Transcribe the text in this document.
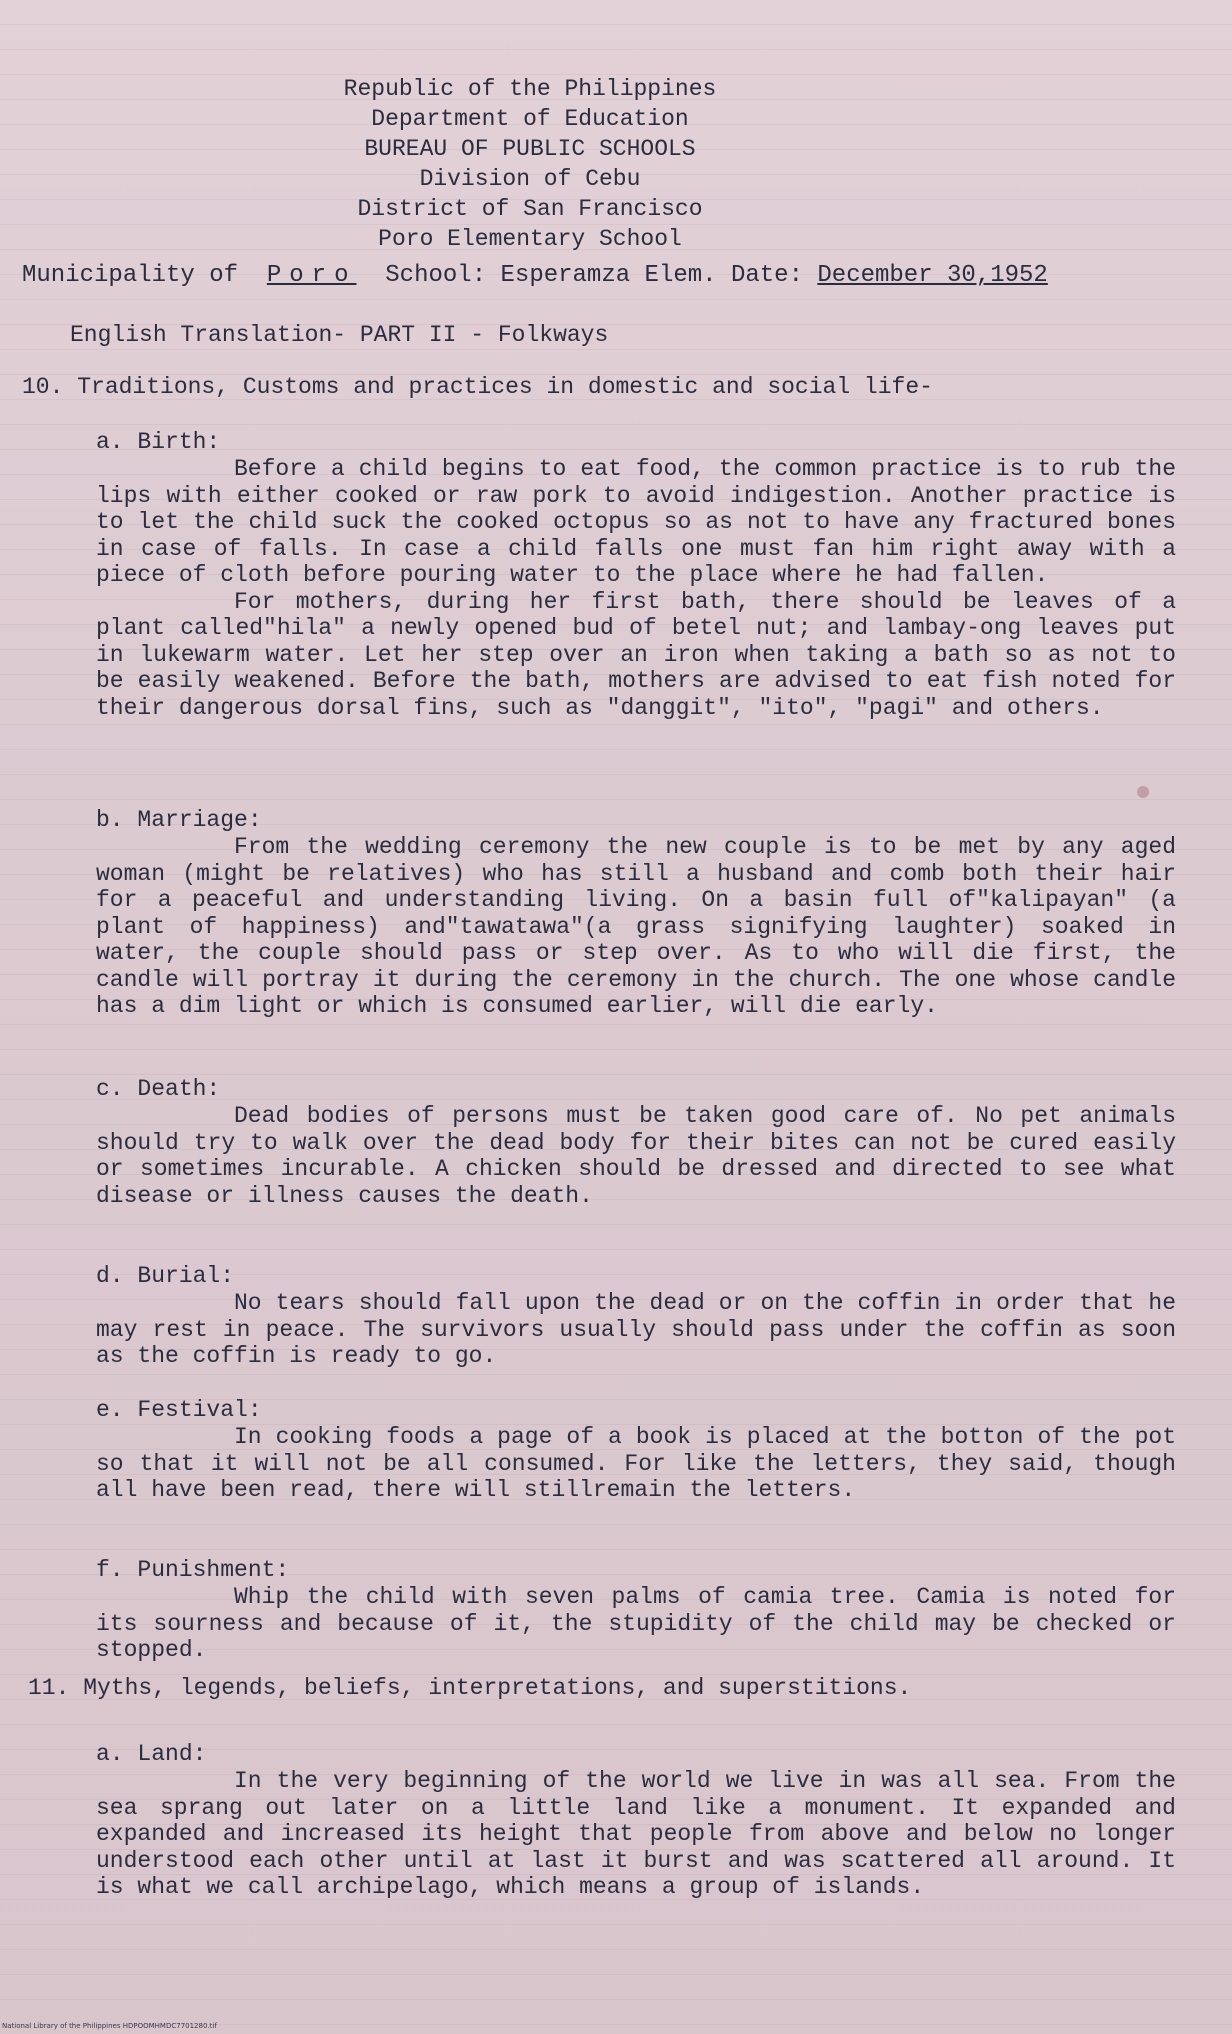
Republic of the Philippines
Department of Education
BUREAU OF PUBLIC SCHOOLS
Division of Cebu
District of San Francisco
Poro Elementary School
Municipality of Poro School: Esperamza Elem. Date: December 30,1952
English Translation- PART II - Folkways
10. Traditions, Customs and practices in domestic and social life-
a. Birth:
Before a child begins to eat food, the common practice is to rub the lips with either cooked or raw pork to avoid indigestion. Another practice is to let the child suck the cooked octopus so as not to have any fractured bones in case of falls. In case a child falls one must fan him right away with a piece of cloth before pouring water to the place where he had fallen.
For mothers, during her first bath, there should be leaves of a plant called"hila" a newly opened bud of betel nut; and lambay-ong leaves put in lukewarm water. Let her step over an iron when taking a bath so as not to be easily weakened. Before the bath, mothers are advised to eat fish noted for their dangerous dorsal fins, such as "danggit", "ito", "pagi" and others.
b. Marriage:
From the wedding ceremony the new couple is to be met by any aged woman (might be relatives) who has still a husband and comb both their hair for a peaceful and understanding living. On a basin full of"kalipayan" (a plant of happiness) and"tawatawa"(a grass signifying laughter) soaked in water, the couple should pass or step over. As to who will die first, the candle will portray it during the ceremony in the church. The one whose candle has a dim light or which is consumed earlier, will die early.
c. Death:
Dead bodies of persons must be taken good care of. No pet animals should try to walk over the dead body for their bites can not be cured easily or sometimes incurable. A chicken should be dressed and directed to see what disease or illness causes the death.
d. Burial:
No tears should fall upon the dead or on the coffin in order that he may rest in peace. The survivors usually should pass under the coffin as soon as the coffin is ready to go.
e. Festival:
In cooking foods a page of a book is placed at the botton of the pot so that it will not be all consumed. For like the letters, they said, though all have been read, there will stillremain the letters.
f. Punishment:
Whip the child with seven palms of camia tree. Camia is noted for its sourness and because of it, the stupidity of the child may be checked or stopped.
11. Myths, legends, beliefs, interpretations, and superstitions.
a. Land:
In the very beginning of the world we live in was all sea. From the sea sprang out later on a little land like a monument. It expanded and expanded and increased its height that people from above and below no longer understood each other until at last it burst and was scattered all around. It is what we call archipelago, which means a group of islands.
National Library of the Philippines HDPOOMHMDC7701280.tif
